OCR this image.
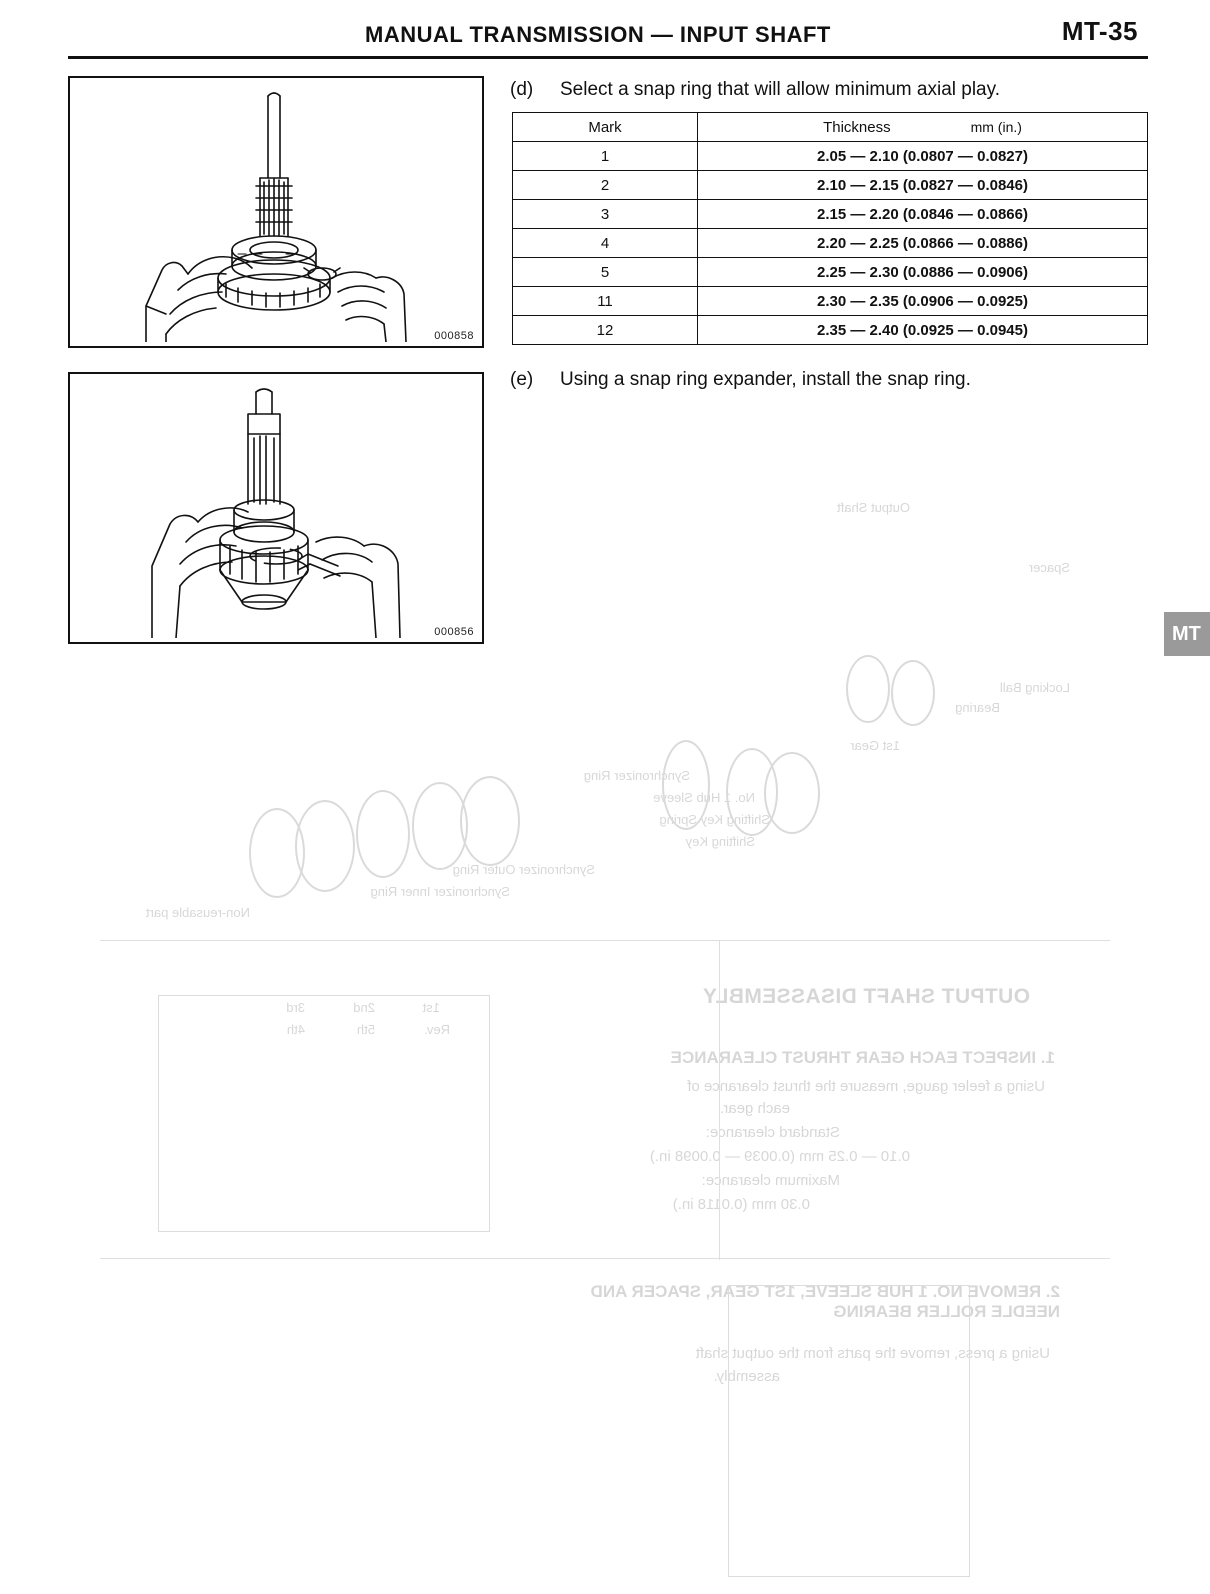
OUTPUT SHAFT DISASSEMBLY
1. INSPECT EACH GEAR THRUST CLEARANCE
Using a feeler gauge, measure the thrust clearance of
each gear.
Standard clearance:
0.10 — 0.25 mm (0.0039 — 0.0098 in.)
Maximum clearance:
0.30 mm (0.0118 in.)
2. REMOVE NO. 1 HUB SLEEVE, 1ST GEAR, SPACER AND NEEDLE ROLLER BEARING
Using a press, remove the parts from the output shaft
assembly.
Synchronizer Ring
No. 1 Hub Sleeve
Shifting Key Spring
Shifting Key
Synchronizer Outer Ring
Synchronizer Inner Ring
Output Shaft
1st Gear
Bearing
Locking Ball
Spacer
Non-reusable part
3rd	2nd	1st
4th	5th	Rev.
MANUAL TRANSMISSION — INPUT SHAFT	MT-35
000858
000856
(d)	Select a snap ring that will allow minimum axial play.
Mark	Thickness mm (in.)
1	2.05 — 2.10 (0.0807 — 0.0827)
2	2.10 — 2.15 (0.0827 — 0.0846)
3	2.15 — 2.20 (0.0846 — 0.0866)
4	2.20 — 2.25 (0.0866 — 0.0886)
5	2.25 — 2.30 (0.0886 — 0.0906)
11	2.30 — 2.35 (0.0906 — 0.0925)
12	2.35 — 2.40 (0.0925 — 0.0945)
(e)	Using a snap ring expander, install the snap ring.
MT
